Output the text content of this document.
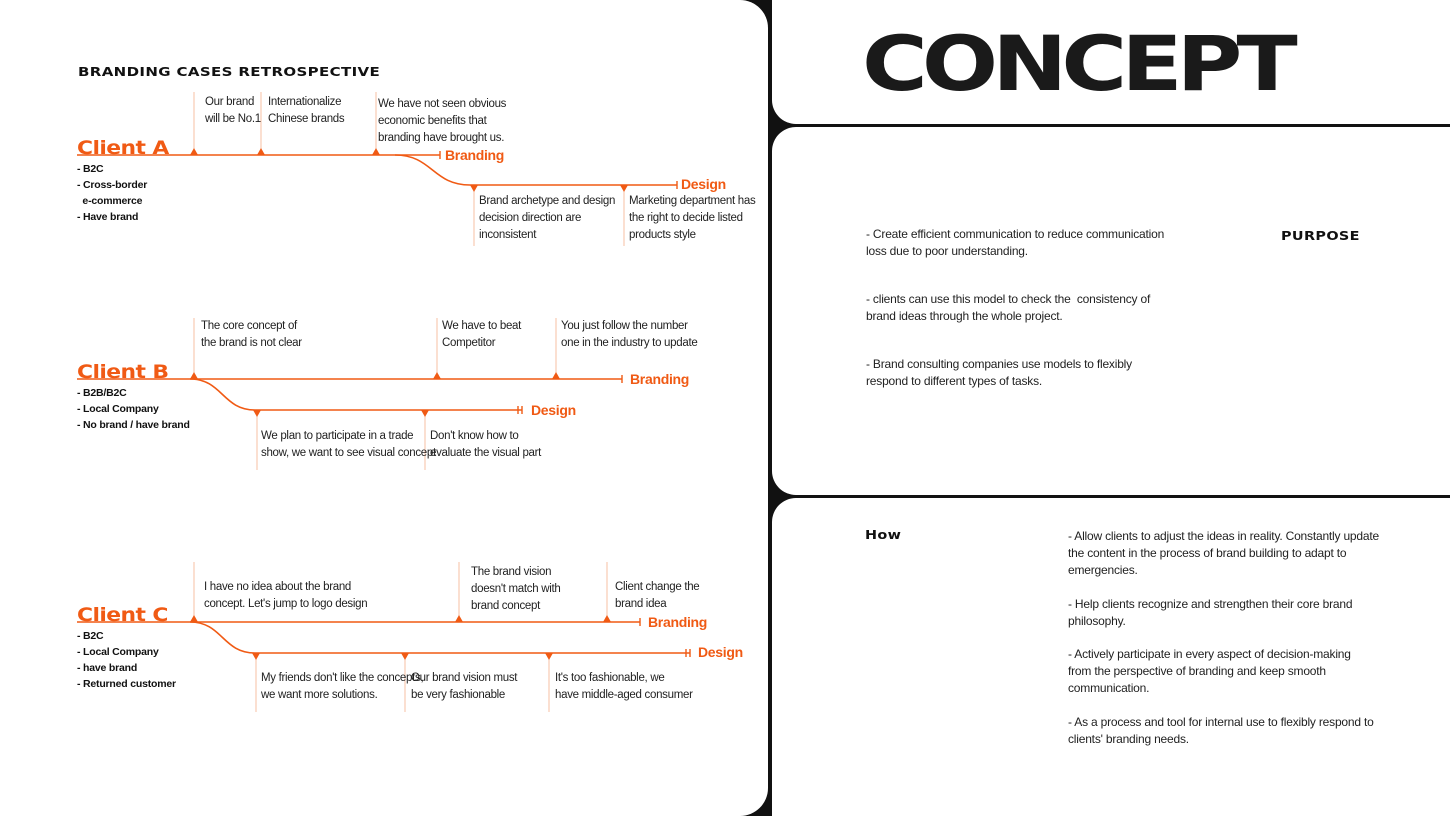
BRANDING CASES RETROSPECTIVE
Client A
- B2C
- Cross-border
e-commerce
- Have brand
Branding
Design
Our brand
will be No.1
Internationalize
Chinese brands
We have not seen obvious
economic benefits that
branding have brought us.
Brand archetype and design
decision direction are
inconsistent
Marketing department has
the right to decide listed
products style
Client B
- B2B/B2C
- Local Company
- No brand / have brand
Branding
Design
The core concept of
the brand is not clear
We have to beat
Competitor
You just follow the number
one in the industry to update
We plan to participate in a trade
show, we want to see visual concept
Don't know how to
evaluate the visual part
Client C
- B2C
- Local Company
- have brand
- Returned customer
Branding
Design
I have no idea about the brand
concept. Let's jump to logo design
The brand vision
doesn't match with
brand concept
Client change the
brand idea
My friends don't like the concepts,
we want more solutions.
Our brand vision must
be very fashionable
It's too fashionable, we
have middle-aged consumer
CONCEPT
PURPOSE
- Create efficient communication to reduce communication
loss due to poor understanding.
- clients can use this model to check the  consistency of
brand ideas through the whole project.
- Brand consulting companies use models to flexibly
respond to different types of tasks.
How	- Allow clients to adjust the ideas in reality. Constantly update
the content in the process of brand building to adapt to
emergencies.
- Help clients recognize and strengthen their core brand
philosophy.
- Actively participate in every aspect of decision-making
from the perspective of branding and keep smooth
communication.
- As a process and tool for internal use to flexibly respond to
clients' branding needs.
